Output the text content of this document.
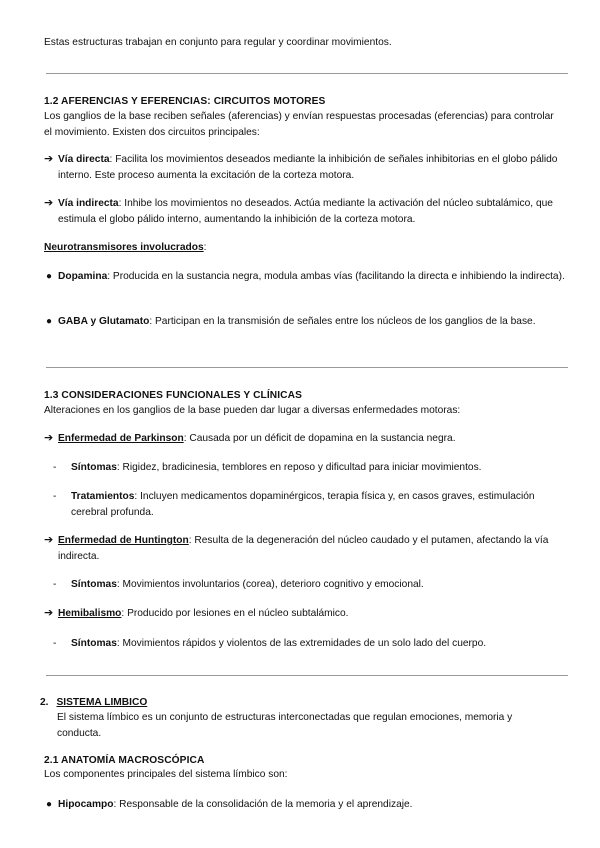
Estas estructuras trabajan en conjunto para regular y coordinar movimientos.
1.2 AFERENCIAS Y EFERENCIAS: CIRCUITOS MOTORES
Los ganglios de la base reciben señales (aferencias) y envían respuestas procesadas (eferencias) para controlar el movimiento. Existen dos circuitos principales:
➔ Vía directa: Facilita los movimientos deseados mediante la inhibición de señales inhibitorias en el globo pálido interno. Este proceso aumenta la excitación de la corteza motora.
➔ Vía indirecta: Inhibe los movimientos no deseados. Actúa mediante la activación del núcleo subtalámico, que estimula el globo pálido interno, aumentando la inhibición de la corteza motora.
Neurotransmisores involucrados:
● Dopamina: Producida en la sustancia negra, modula ambas vías (facilitando la directa e inhibiendo la indirecta).
● GABA y Glutamato: Participan en la transmisión de señales entre los núcleos de los ganglios de la base.
1.3 CONSIDERACIONES FUNCIONALES Y CLÍNICAS
Alteraciones en los ganglios de la base pueden dar lugar a diversas enfermedades motoras:
➔ Enfermedad de Parkinson: Causada por un déficit de dopamina en la sustancia negra.
- Síntomas: Rigidez, bradicinesia, temblores en reposo y dificultad para iniciar movimientos.
- Tratamientos: Incluyen medicamentos dopaminérgicos, terapia física y, en casos graves, estimulación cerebral profunda.
➔ Enfermedad de Huntington: Resulta de la degeneración del núcleo caudado y el putamen, afectando la vía indirecta.
- Síntomas: Movimientos involuntarios (corea), deterioro cognitivo y emocional.
➔ Hemibalismo: Producido por lesiones en el núcleo subtalámico.
- Síntomas: Movimientos rápidos y violentos de las extremidades de un solo lado del cuerpo.
2. SISTEMA LIMBICO
El sistema límbico es un conjunto de estructuras interconectadas que regulan emociones, memoria y conducta.
2.1 ANATOMÍA MACROSCÓPICA
Los componentes principales del sistema límbico son:
● Hipocampo: Responsable de la consolidación de la memoria y el aprendizaje.
